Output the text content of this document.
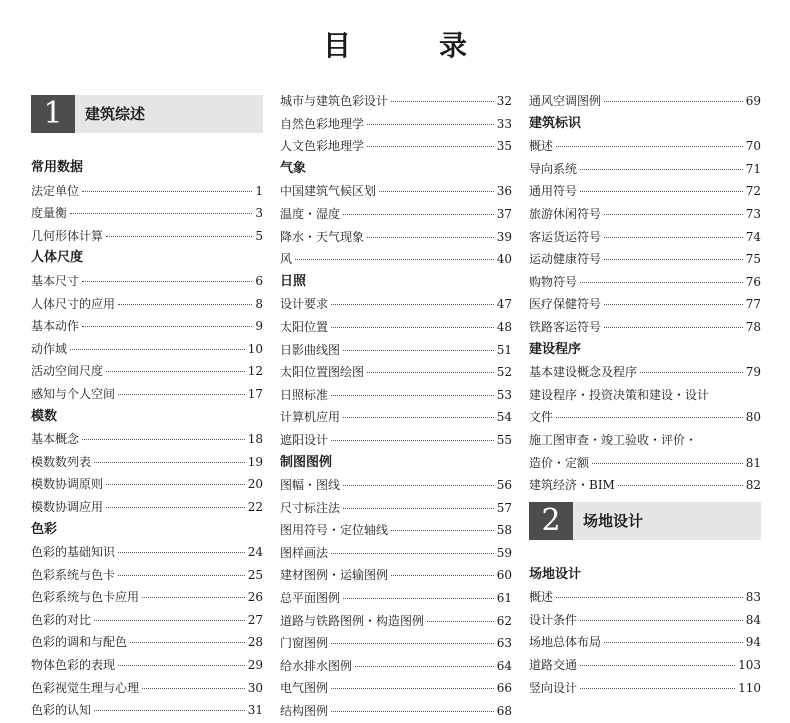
目　录
1	建筑综述
常用数据
法定单位	1
度量衡	3
几何形体计算	5
人体尺度
基本尺寸	6
人体尺寸的应用	8
基本动作	9
动作域	10
活动空间尺度	12
感知与个人空间	17
模数
基本概念	18
模数数列表	19
模数协调原则	20
模数协调应用	22
色彩
色彩的基础知识	24
色彩系统与色卡	25
色彩系统与色卡应用	26
色彩的对比	27
色彩的调和与配色	28
物体色彩的表现	29
色彩视觉生理与心理	30
色彩的认知	31
城市与建筑色彩设计	32
自然色彩地理学	33
人文色彩地理学	35
气象
中国建筑气候区划	36
温度・湿度	37
降水・天气现象	39
风	40
日照
设计要求	47
太阳位置	48
日影曲线图	51
太阳位置图绘图	52
日照标准	53
计算机应用	54
遮阳设计	55
制图图例
图幅・图线	56
尺寸标注法	57
图用符号・定位轴线	58
图样画法	59
建材图例・运输图例	60
总平面图例	61
道路与铁路图例・构造图例	62
门窗图例	63
给水排水图例	64
电气图例	66
结构图例	68
通风空调图例	69
建筑标识
概述	70
导向系统	71
通用符号	72
旅游休闲符号	73
客运货运符号	74
运动健康符号	75
购物符号	76
医疗保健符号	77
铁路客运符号	78
建设程序
基本建设概念及程序	79
建设程序・投资决策和建设・设计
文件	80
施工图审查・竣工验收・评价・
造价・定额	81
建筑经济・BIM	82
2	场地设计
场地设计
概述	83
设计条件	84
场地总体布局	94
道路交通	103
竖向设计	110
